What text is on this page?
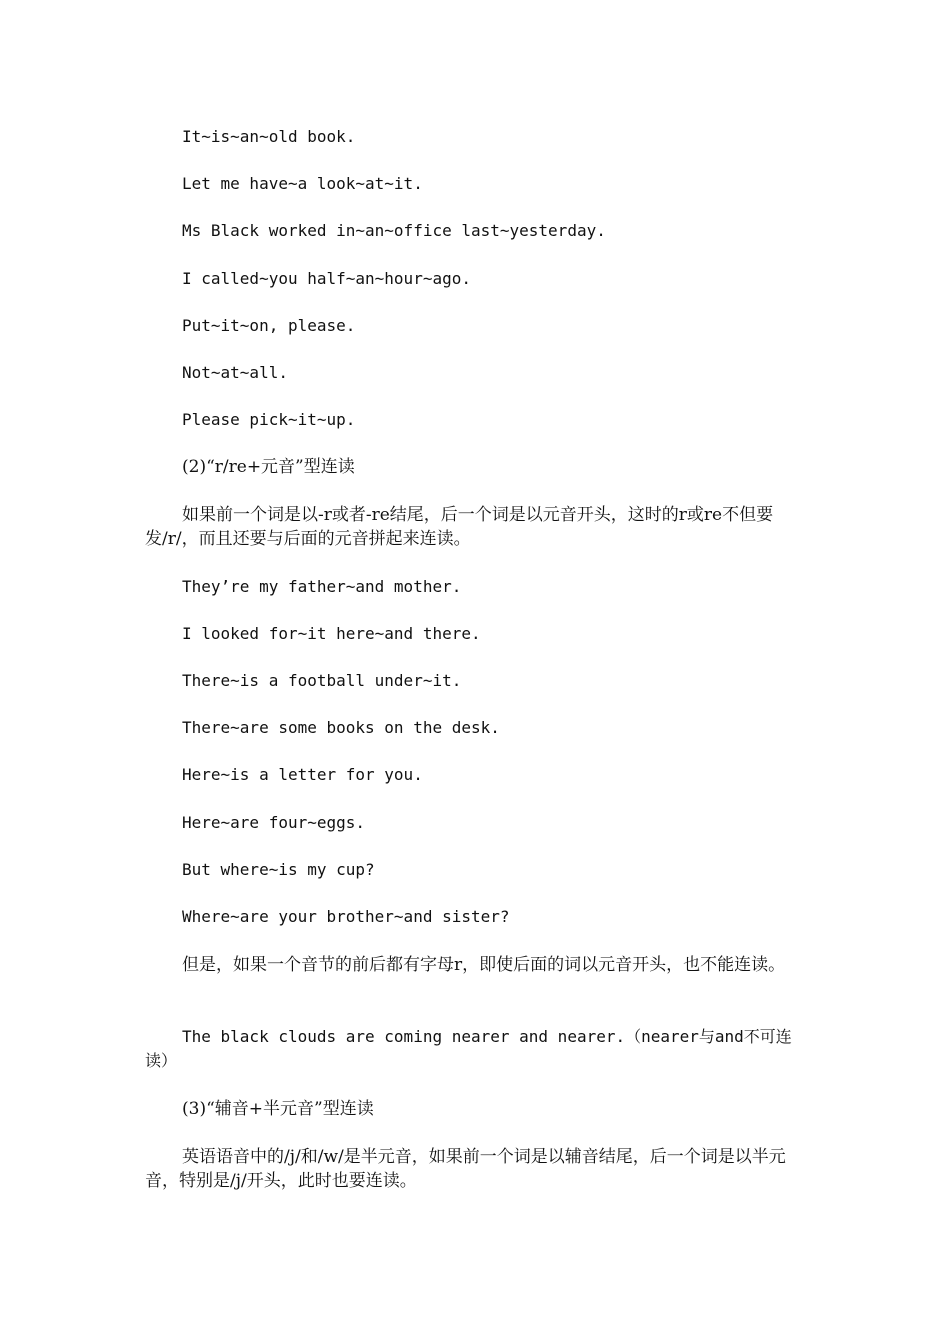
It~is~an~old book.

Let me have~a look~at~it.

Ms Black worked in~an~office last~yesterday.

I called~you half~an~hour~ago.

Put~it~on, please.

Not~at~all.

Please pick~it~up.

(2)“r/re+元音”型连读

如果前一个词是以-r或者-re结尾，后一个词是以元音开头，这时的r或re不但要发/r/，而且还要与后面的元音拼起来连读。

They’re my father~and mother.

I looked for~it here~and there.

There~is a football under~it.

There~are some books on the desk.

Here~is a letter for you.

Here~are four~eggs.

But where~is my cup?

Where~are your brother~and sister?

但是，如果一个音节的前后都有字母r，即使后面的词以元音开头，也不能连读。

The black clouds are coming nearer and nearer.（nearer与and不可连读）

(3)“辅音+半元音”型连读

英语语音中的/j/和/w/是半元音，如果前一个词是以辅音结尾，后一个词是以半元音，特别是/j/开头，此时也要连读。
